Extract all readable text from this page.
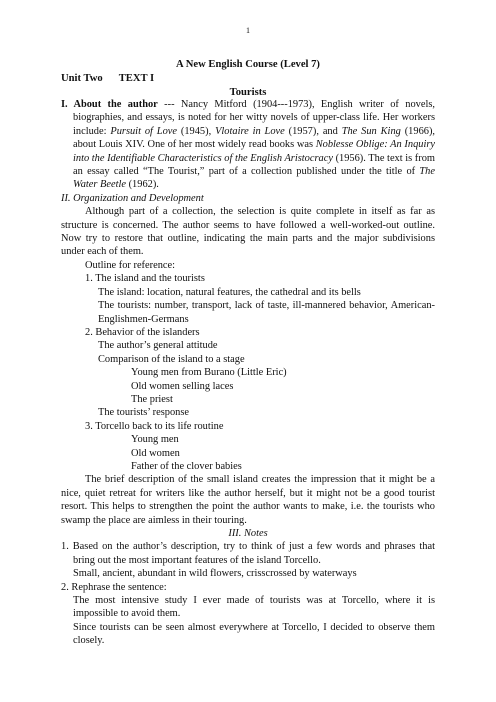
1
A New English Course (Level 7)
Unit Two TEXT I
Tourists

I. About the author --- Nancy Mitford (1904---1973), English writer of novels, biographies, and essays, is noted for her witty novels of upper-class life. Her workers include: Pursuit of Love (1945), Vlotaire in Love (1957), and The Sun King (1966), about Louis XIV. One of her most widely read books was Noblesse Oblige: An Inquiry into the Identifiable Characteristics of the English Aristocracy (1956). The text is from an essay called “The Tourist,” part of a collection published under the title of The Water Beetle (1962).

II. Organization and Development

Although part of a collection, the selection is quite complete in itself as far as structure is concerned. The author seems to have followed a well-worked-out outline. Now try to restore that outline, indicating the main parts and the major subdivisions under each of them.

Outline for reference:

1. The island and the tourists

The island: location, natural features, the cathedral and its bells

The tourists: number, transport, lack of taste, ill-mannered behavior, American-Englishmen-Germans

2. Behavior of the islanders

The author’s general attitude

Comparison of the island to a stage

Young men from Burano (Little Eric)

Old women selling laces

The priest

The tourists’ response

3. Torcello back to its life routine

Young men

Old women

Father of the clover babies

The brief description of the small island creates the impression that it might be a nice, quiet retreat for writers like the author herself, but it might not be a good tourist resort. This helps to strengthen the point the author wants to make, i.e. the tourists who swamp the place are aimless in their touring.

III. Notes

1. Based on the author’s description, try to think of just a few words and phrases that bring out the most important features of the island Torcello.

Small, ancient, abundant in wild flowers, crisscrossed by waterways

2. Rephrase the sentence:

The most intensive study I ever made of tourists was at Torcello, where it is impossible to avoid them.

Since tourists can be seen almost everywhere at Torcello, I decided to observe them closely.
